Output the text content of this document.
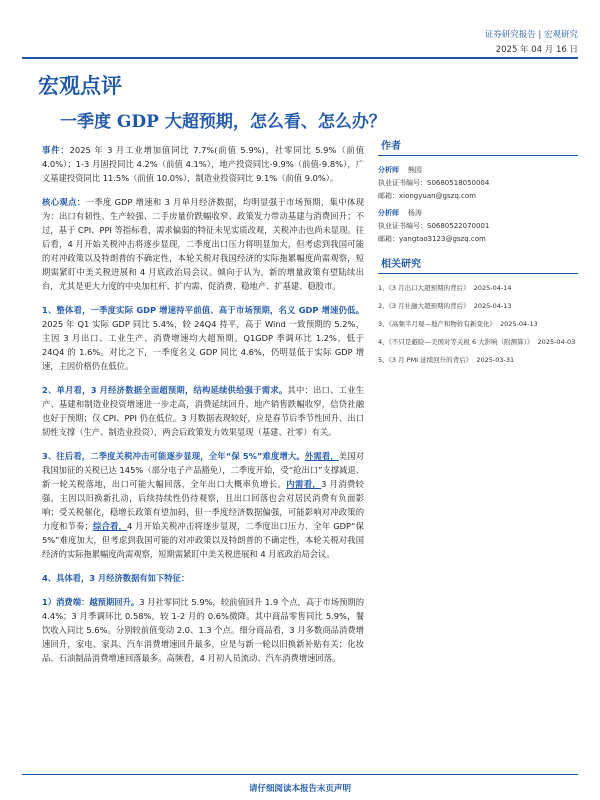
证券研究报告 | 宏观研究
2025 年 04 月 16 日
宏观点评
一季度 GDP 大超预期，怎么看、怎么办？

事件：2025 年 3 月工业增加值同比 7.7%(前值 5.9%)，社零同比 5.9%（前值 4.0%）；1-3 月固投同比 4.2%（前值 4.1%），地产投资同比-9.9%（前值-9.8%），广义基建投资同比 11.5%（前值 10.0%），制造业投资同比 9.1%（前值 9.0%）。

核心观点：一季度 GDP 增速和 3 月单月经济数据，均明显强于市场预期，集中体现为：出口有韧性、生产较强、二手房量价跌幅收窄、政策发力带动基建与消费回升；不过，基于 CPI、PPI 等指标看，需求偏弱的特征未见实质改观，关税冲击也尚未显现。往后看，4 月开始关税冲击将逐步显现，二季度出口压力将明显加大，但考虑到我国可能的对冲政策以及特朗普的不确定性，本轮关税对我国经济的实际拖累幅度尚需观察，短期需紧盯中美关税进展和 4 月底政治局会议。倾向于认为，新的增量政策有望陆续出台，尤其是更大力度的中央加杠杆、扩内需、促消费、稳地产、扩基建、稳股市。

1、整体看，一季度实际 GDP 增速持平前值、高于市场预期，名义 GDP 增速仍低。2025 年 Q1 实际 GDP 同比 5.4%，较 24Q4 持平，高于 Wind 一致预期的 5.2%，主因 3 月出口、工业生产、消费增速均大超预期。Q1GDP 季调环比 1.2%，低于 24Q4 的 1.6%。对比之下，一季度名义 GDP 同比 4.6%，仍明显低于实际 GDP 增速，主因价格仍在低位。

2、单月看，3 月经济数据全面超预期，结构延续供给强于需求。其中：出口、工业生产、基建和制造业投资增速进一步走高，消费延续回升、地产销售跌幅收窄，信贷社融也好于预期；仅 CPI、PPI 仍在低位。3 月数据表现较好，应是春节后季节性回升、出口韧性支撑（生产、制造业投资），两会后政策发力效果显现（基建、社零）有关。

3、往后看，二季度关税冲击可能逐步显现，全年“保 5%”难度增大。外需看，美国对我国加征的关税已达 145%（部分电子产品豁免），二季度开始，受“抢出口”支撑减退、新一轮关税落地，出口可能大幅回落，全年出口大概率负增长。内需看，3 月消费较强，主因以旧换新扎动，后续持续性仍待观察，且出口回落也会对居民消费有负面影响；受关税催化，稳增长政策有望加码，但一季度经济数据偏强，可能影响对冲政策的力度和节奏；综合看，4 月开始关税冲击将逐步显现，二季度出口压力、全年 GDP“保 5%”难度加大，但考虑到我国可能的对冲政策以及特朗普的不确定性，本轮关税对我国经济的实际拖累幅度尚需观察，短期需紧盯中美关税进展和 4 月底政治局会议。

4、具体看，3 月经济数据有如下特征：

1）消费端：越预期回升。3 月社零同比 5.9%，较前值回升 1.9 个点，高于市场预期的 4.4%；3 月季调环比 0.58%，较 1-2 月的 0.6%微降。其中商品零售同比 5.9%，餐饮收入同比 5.6%。分别较前值变动 2.0、1.3 个点。细分商品看，3 月多数商品消费增速回升，家电、家具、汽车消费增速回升最多，应是与新一轮以旧换新补贴有关；化妆品、石油制品消费增速回落最多。高频看，4 月初人员流动、汽车消费增速回落。

作者
分析师 熊园
执业证书编号：S0680518050004
邮箱：xiongyuan@gszq.com
分析师 杨涛
执业证书编号：S0680522070001
邮箱：yangtao3123@gszq.com
相关研究
1、《3 月出口大超预期的背后》 2025-04-14
2、《3 月社融大超预期的背后》 2025-04-13
3、《高频半月观—地产和物价有新变化》 2025-04-13
4、《不只是避险—美国对等关税 6 大影响（附测算）》 2025-04-03
5、《3 月 PMI 延续回升的背后》 2025-03-31
请仔细阅读本报告末页声明
